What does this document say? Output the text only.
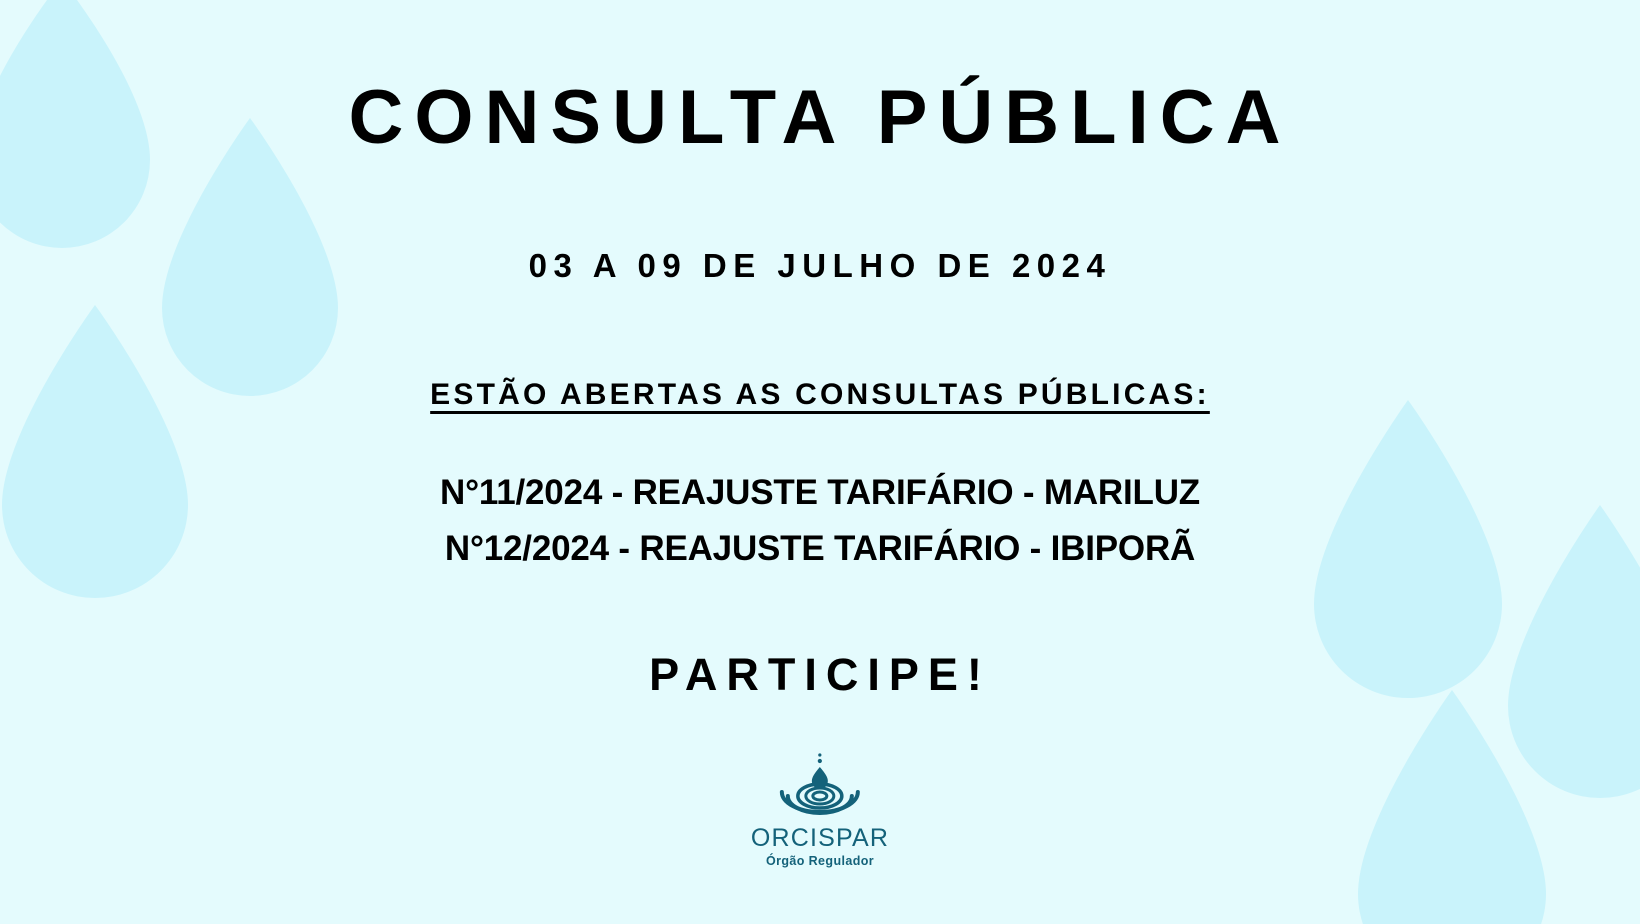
CONSULTA PÚBLICA
03 A 09 DE JULHO DE 2024
ESTÃO ABERTAS AS CONSULTAS PÚBLICAS:
N°11/2024 - REAJUSTE TARIFÁRIO - MARILUZ
N°12/2024 - REAJUSTE TARIFÁRIO - IBIPORÃ
PARTICIPE!
ORCISPAR
Órgão Regulador
